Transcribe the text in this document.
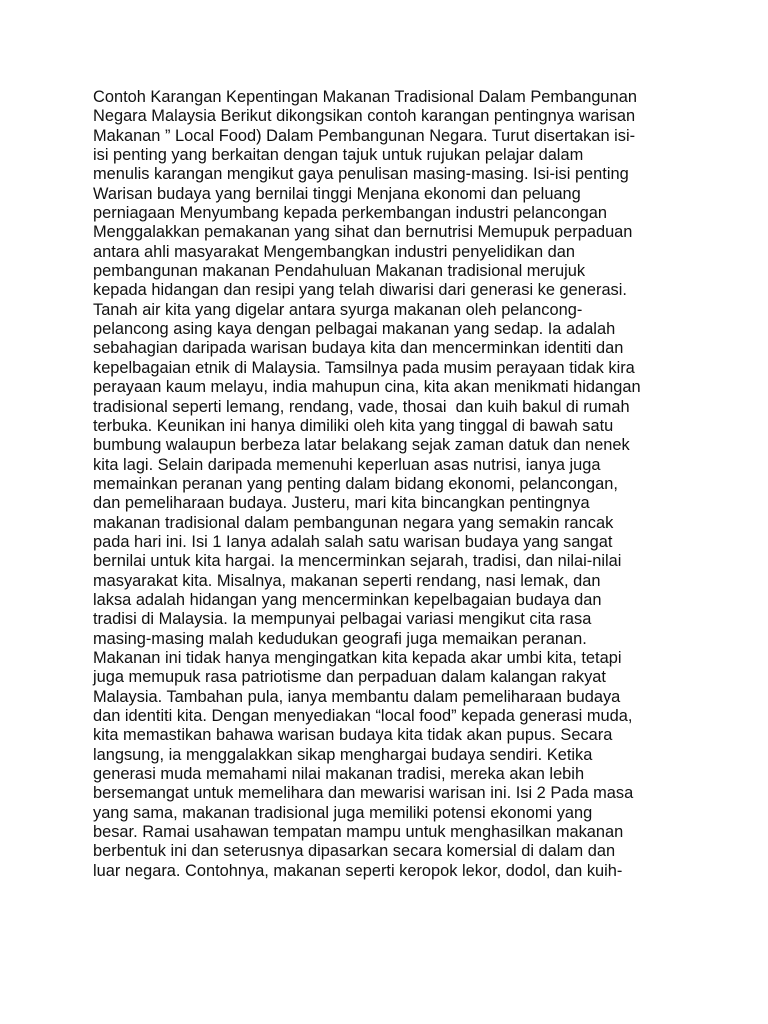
Contoh Karangan Kepentingan Makanan Tradisional Dalam Pembangunan
Negara Malaysia Berikut dikongsikan contoh karangan pentingnya warisan
Makanan ” Local Food) Dalam Pembangunan Negara. Turut disertakan isi-
isi penting yang berkaitan dengan tajuk untuk rujukan pelajar dalam
menulis karangan mengikut gaya penulisan masing-masing. Isi-isi penting
Warisan budaya yang bernilai tinggi Menjana ekonomi dan peluang
perniagaan Menyumbang kepada perkembangan industri pelancongan
Menggalakkan pemakanan yang sihat dan bernutrisi Memupuk perpaduan
antara ahli masyarakat Mengembangkan industri penyelidikan dan
pembangunan makanan Pendahuluan Makanan tradisional merujuk
kepada hidangan dan resipi yang telah diwarisi dari generasi ke generasi.
Tanah air kita yang digelar antara syurga makanan oleh pelancong-
pelancong asing kaya dengan pelbagai makanan yang sedap. Ia adalah
sebahagian daripada warisan budaya kita dan mencerminkan identiti dan
kepelbagaian etnik di Malaysia. Tamsilnya pada musim perayaan tidak kira
perayaan kaum melayu, india mahupun cina, kita akan menikmati hidangan
tradisional seperti lemang, rendang, vade, thosai  dan kuih bakul di rumah
terbuka. Keunikan ini hanya dimiliki oleh kita yang tinggal di bawah satu
bumbung walaupun berbeza latar belakang sejak zaman datuk dan nenek
kita lagi. Selain daripada memenuhi keperluan asas nutrisi, ianya juga
memainkan peranan yang penting dalam bidang ekonomi, pelancongan,
dan pemeliharaan budaya. Justeru, mari kita bincangkan pentingnya
makanan tradisional dalam pembangunan negara yang semakin rancak
pada hari ini. Isi 1 Ianya adalah salah satu warisan budaya yang sangat
bernilai untuk kita hargai. Ia mencerminkan sejarah, tradisi, dan nilai-nilai
masyarakat kita. Misalnya, makanan seperti rendang, nasi lemak, dan
laksa adalah hidangan yang mencerminkan kepelbagaian budaya dan
tradisi di Malaysia. Ia mempunyai pelbagai variasi mengikut cita rasa
masing-masing malah kedudukan geografi juga memaikan peranan.
Makanan ini tidak hanya mengingatkan kita kepada akar umbi kita, tetapi
juga memupuk rasa patriotisme dan perpaduan dalam kalangan rakyat
Malaysia. Tambahan pula, ianya membantu dalam pemeliharaan budaya
dan identiti kita. Dengan menyediakan “local food” kepada generasi muda,
kita memastikan bahawa warisan budaya kita tidak akan pupus. Secara
langsung, ia menggalakkan sikap menghargai budaya sendiri. Ketika
generasi muda memahami nilai makanan tradisi, mereka akan lebih
bersemangat untuk memelihara dan mewarisi warisan ini. Isi 2 Pada masa
yang sama, makanan tradisional juga memiliki potensi ekonomi yang
besar. Ramai usahawan tempatan mampu untuk menghasilkan makanan
berbentuk ini dan seterusnya dipasarkan secara komersial di dalam dan
luar negara. Contohnya, makanan seperti keropok lekor, dodol, dan kuih-
